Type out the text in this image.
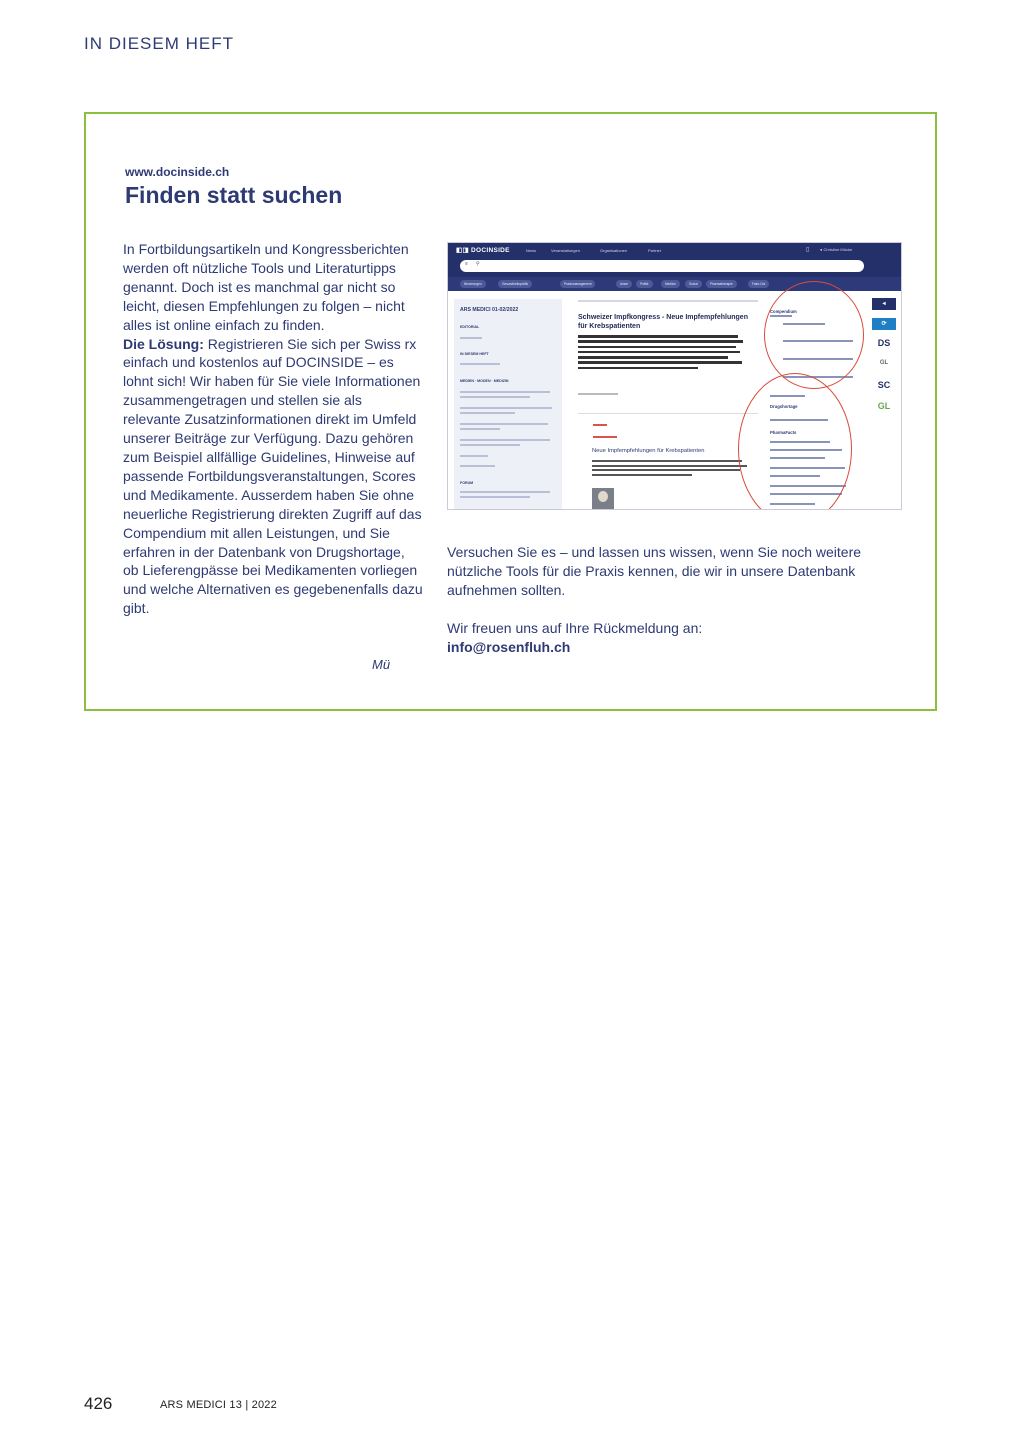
IN DIESEM HEFT
www.docinside.ch
Finden statt suchen

In Fortbildungsartikeln und Kongressberichten werden oft nützliche Tools und Literaturtipps genannt. Doch ist es manchmal gar nicht so leicht, diesen Empfehlungen zu folgen – nicht alles ist online einfach zu finden.

Die Lösung: Registrieren Sie sich per Swiss rx einfach und kostenlos auf DOCINSIDE – es lohnt sich! Wir haben für Sie viele Informationen zusammengetragen und stellen sie als relevante Zusatzinformationen direkt im Umfeld unserer Beiträge zur Verfügung. Dazu gehören zum Beispiel allfällige Guidelines, Hinweise auf passende Fortbildungsveranstaltungen, Scores und Medikamente. Ausserdem haben Sie ohne neuerliche Registrierung direkten Zugriff auf das Compendium mit allen Leistungen, und Sie erfahren in der Datenbank von Drugshortage, ob Lieferengpässe bei Medikamenten vorliegen und welche Alternativen es gegebenenfalls dazu gibt.

Mü
◧◨ DOCINSIDE	News	Veranstaltungen	Organisationen	Partner	▯	● Christine Mücke
≡ ⚲
Neuerungen	Gesundheitspolitik	Praxismanagement	Anwe	Politik	Medizin	Sozial	Pharmatherapie	Fake-Out
ARS MEDICI 01-02/2022
EDITORIAL
IN DIESEM HEFT
MEDIEN · MODEN · MEDIZIN
FORUM
Schweizer Impfkongress - Neue Impfempfehlungen für Krebspatienten
Neue Impfempfehlungen für Krebspatienten
Compendium
Drugshortage
PharmaFacts
◂
⟳
DS
GL
SC
GL

Versuchen Sie es – und lassen uns wissen, wenn Sie noch weitere nützliche Tools für die Praxis kennen, die wir in unsere Datenbank aufnehmen sollten.

Wir freuen uns auf Ihre Rückmeldung an:

info@rosenfluh.ch

426	ARS MEDICI 13 | 2022
